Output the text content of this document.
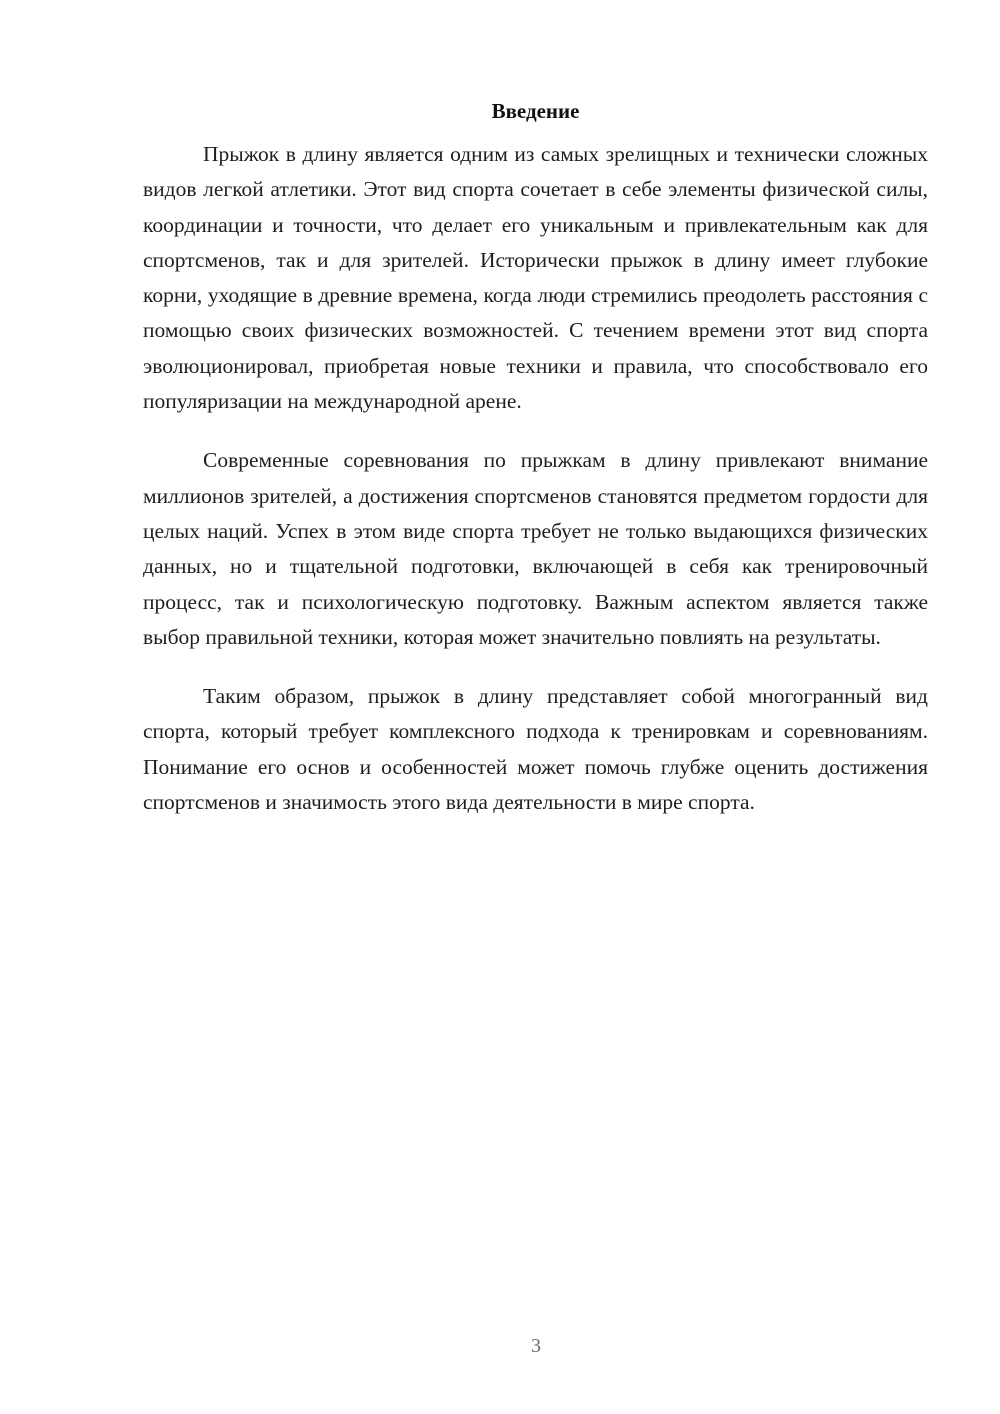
Введение

Прыжок в длину является одним из самых зрелищных и технически сложных видов легкой атлетики. Этот вид спорта сочетает в себе элементы физической силы, координации и точности, что делает его уникальным и привлекательным как для спортсменов, так и для зрителей. Исторически прыжок в длину имеет глубокие корни, уходящие в древние времена, когда люди стремились преодолеть расстояния с помощью своих физических возможностей. С течением времени этот вид спорта эволюционировал, приобретая новые техники и правила, что способствовало его популяризации на международной арене.

Современные соревнования по прыжкам в длину привлекают внимание миллионов зрителей, а достижения спортсменов становятся предметом гордости для целых наций. Успех в этом виде спорта требует не только выдающихся физических данных, но и тщательной подготовки, включающей в себя как тренировочный процесс, так и психологическую подготовку. Важным аспектом является также выбор правильной техники, которая может значительно повлиять на результаты.

Таким образом, прыжок в длину представляет собой многогранный вид спорта, который требует комплексного подхода к тренировкам и соревнованиям. Понимание его основ и особенностей может помочь глубже оценить достижения спортсменов и значимость этого вида деятельности в мире спорта.

3
